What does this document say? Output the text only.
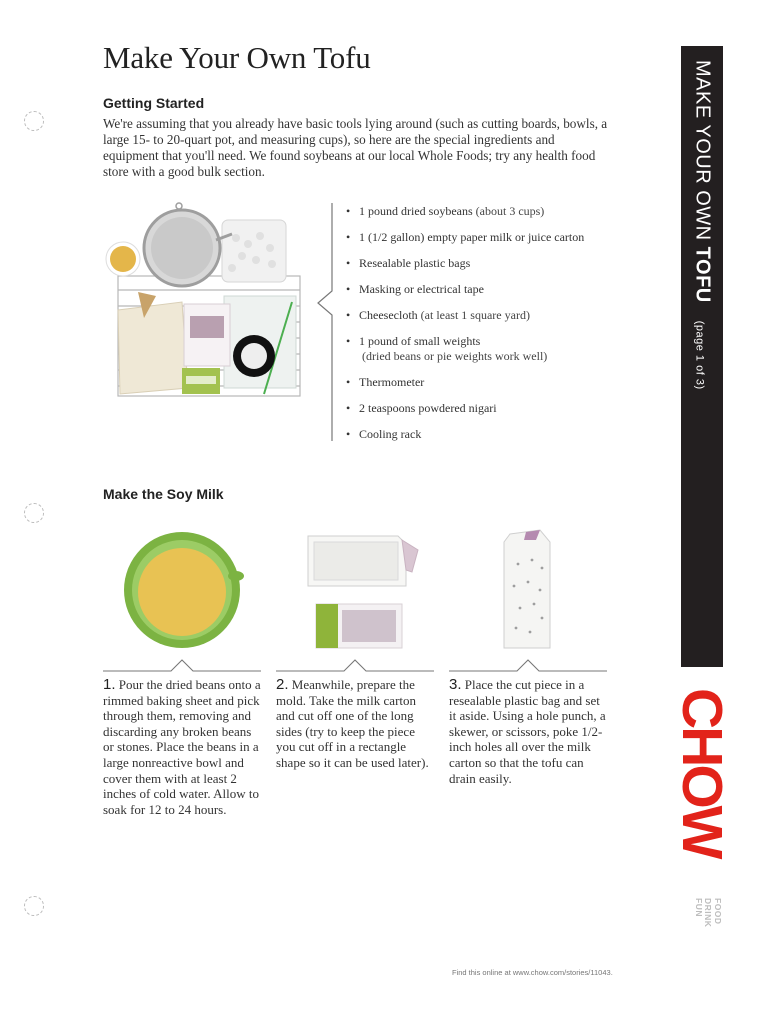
Make Your Own Tofu
Getting Started
We're assuming that you already have basic tools lying around (such as cutting boards, bowls, a large 15- to 20-quart pot, and measuring cups), so here are the special ingredients and equipment that you'll need. We found soybeans at our local Whole Foods; try any health food store with a good bulk section.
• 1 pound dried soybeans (about 3 cups)
• 1 (1/2 gallon) empty paper milk or juice carton
• Resealable plastic bags
• Masking or electrical tape
• Cheesecloth (at least 1 square yard)
• 1 pound of small weights
(dried beans or pie weights work well)
• Thermometer
• 2 teaspoons powdered nigari
• Cooling rack
Make the Soy Milk
1. Pour the dried beans onto a rimmed baking sheet and pick through them, removing and discarding any broken beans or stones. Place the beans in a large nonreactive bowl and cover them with at least 2 inches of cold water. Allow to soak for 12 to 24 hours.
2. Meanwhile, prepare the mold. Take the milk carton and cut off one of the long sides (try to keep the piece you cut off in a rectangle shape so it can be used later).
3. Place the cut piece in a resealable plastic bag and set it aside. Using a hole punch, a skewer, or scissors, poke 1/2-inch holes all over the milk carton so that the tofu can drain easily.
MAKE YOUR OWN TOFU(page 1 of 3)
CHOW
FOOD
DRINK
FUN
Find this online at www.chow.com/stories/11043.
